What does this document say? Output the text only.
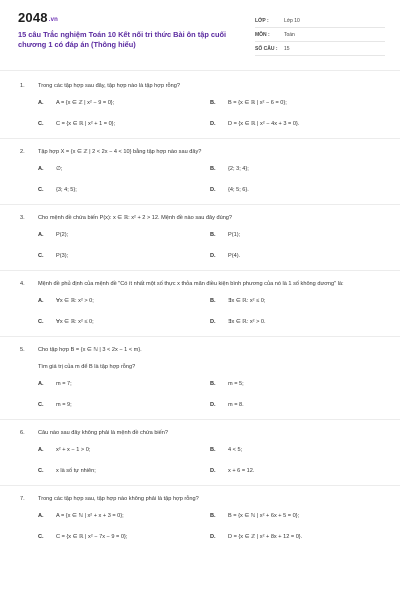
2048.vn
15 câu Trắc nghiệm Toán 10 Kết nối tri thức Bài ôn tập cuối chương 1 có đáp án (Thông hiểu)
LỚP :	Lớp 10
MÔN :	Toán
SỐ CÂU :	15
1.	Trong các tập hợp sau đây, tập hợp nào là tập hợp rỗng?
A.	A = {x ∈ ℤ | x² − 9 = 0};	B.	B = {x ∈ ℝ | x² − 6 = 0};
C.	C = {x ∈ ℝ | x² + 1 = 0};	D.	D = {x ∈ ℝ | x² − 4x + 3 = 0}.
2.	Tập hợp X = {x ∈ ℤ | 2 < 2x − 4 < 10} bằng tập hợp nào sau đây?
A.	∅;	B.	{2; 3; 4};
C.	{3; 4; 5};	D.	{4; 5; 6}.
3.	Cho mệnh đề chứa biến P(x): x ∈ ℝ: x² + 2 > 12. Mệnh đề nào sau đây đúng?
A.	P(2);	B.	P(1);
C.	P(3);	D.	P(4).
4.	Mệnh đề phủ định của mệnh đề "Có ít nhất một số thực x thỏa mãn điều kiện bình phương của nó là 1 số không dương" là:
A.	∀x ∈ ℝ: x² > 0;	B.	∃x ∈ ℝ: x² ≤ 0;
C.	∀x ∈ ℝ: x² ≤ 0;	D.	∃x ∈ ℝ: x² > 0.
5.	Cho tập hợp B = {x ∈ ℕ | 3 < 2x − 1 < m}.
Tìm giá trị của m để B là tập hợp rỗng?
A.	m = 7;	B.	m = 5;
C.	m = 9;	D.	m = 8.
6.	Câu nào sau đây không phải là mệnh đề chứa biến?
A.	x² + x − 1 > 0;	B.	4 < 5;
C.	x là số tự nhiên;	D.	x + 6 = 12.
7.	Trong các tập hợp sau, tập hợp nào không phải là tập hợp rỗng?
A.	A = {x ∈ ℕ | x² + x + 3 = 0};	B.	B = {x ∈ ℕ | x² + 6x + 5 = 0};
C.	C = {x ∈ ℝ | x² − 7x − 9 = 0};	D.	D = {x ∈ ℤ | x² + 8x + 12 = 0}.
